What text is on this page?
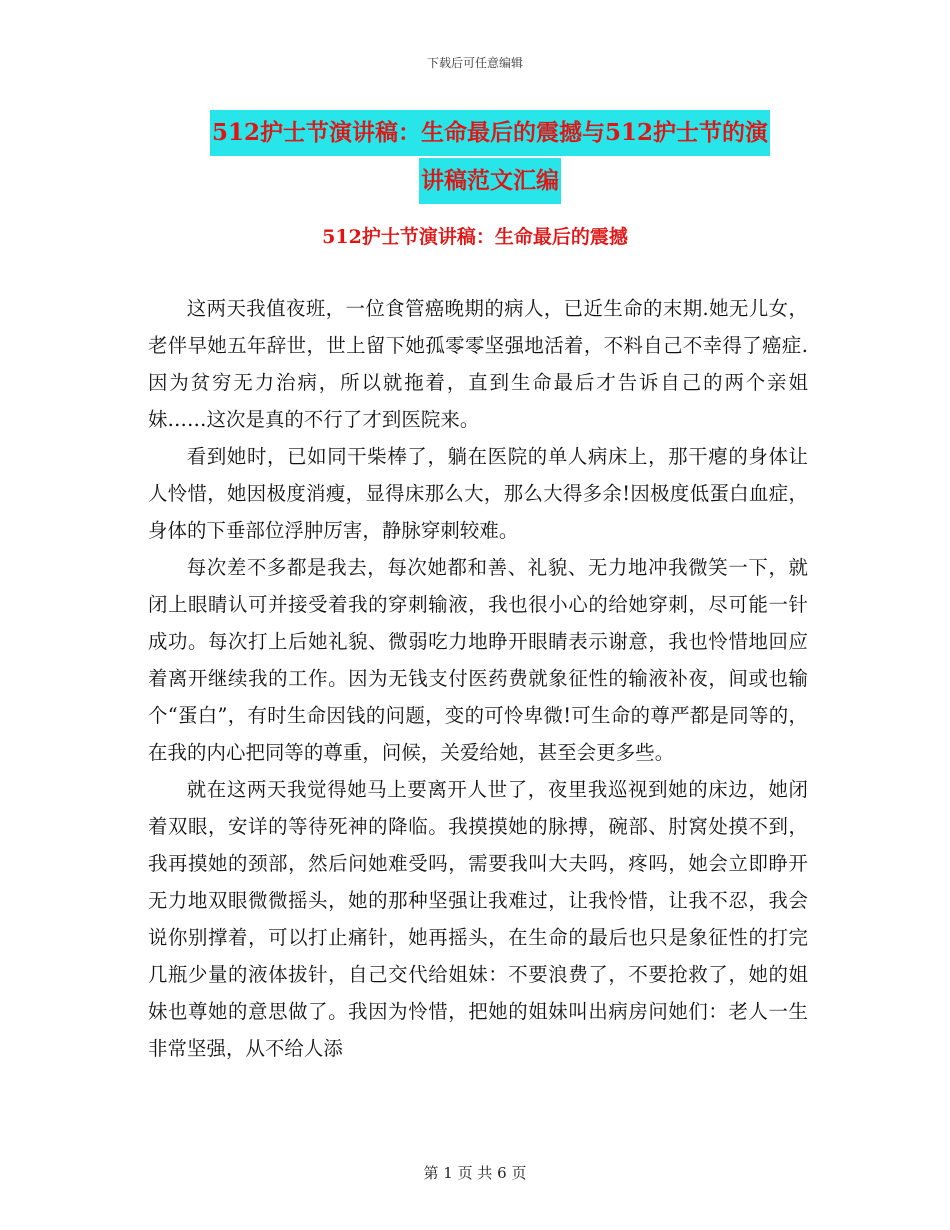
下载后可任意编辑
512护士节演讲稿：生命最后的震撼与512护士节的演
讲稿范文汇编
512护士节演讲稿：生命最后的震撼

这两天我值夜班，一位食管癌晚期的病人，已近生命的末期.她无儿女，老伴早她五年辞世，世上留下她孤零零坚强地活着，不料自己不幸得了癌症.因为贫穷无力治病，所以就拖着，直到生命最后才告诉自己的两个亲姐妹……这次是真的不行了才到医院来。

看到她时，已如同干柴棒了，躺在医院的单人病床上，那干瘪的身体让人怜惜，她因极度消瘦，显得床那么大，那么大得多余!因极度低蛋白血症，身体的下垂部位浮肿厉害，静脉穿刺较难。

每次差不多都是我去，每次她都和善、礼貌、无力地冲我微笑一下，就闭上眼睛认可并接受着我的穿刺输液，我也很小心的给她穿刺，尽可能一针成功。每次打上后她礼貌、微弱吃力地睁开眼睛表示谢意，我也怜惜地回应着离开继续我的工作。因为无钱支付医药费就象征性的输液补夜，间或也输个“蛋白”，有时生命因钱的问题，变的可怜卑微!可生命的尊严都是同等的，在我的内心把同等的尊重，问候，关爱给她，甚至会更多些。

就在这两天我觉得她马上要离开人世了，夜里我巡视到她的床边，她闭着双眼，安详的等待死神的降临。我摸摸她的脉搏，碗部、肘窝处摸不到，我再摸她的颈部，然后问她难受吗，需要我叫大夫吗，疼吗，她会立即睁开无力地双眼微微摇头，她的那种坚强让我难过，让我怜惜，让我不忍，我会说你别撑着，可以打止痛针，她再摇头，在生命的最后也只是象征性的打完几瓶少量的液体拔针，自己交代给姐妹：不要浪费了，不要抢救了，她的姐妹也尊她的意思做了。我因为怜惜，把她的姐妹叫出病房问她们：老人一生非常坚强，从不给人添

第 1 页 共 6 页
